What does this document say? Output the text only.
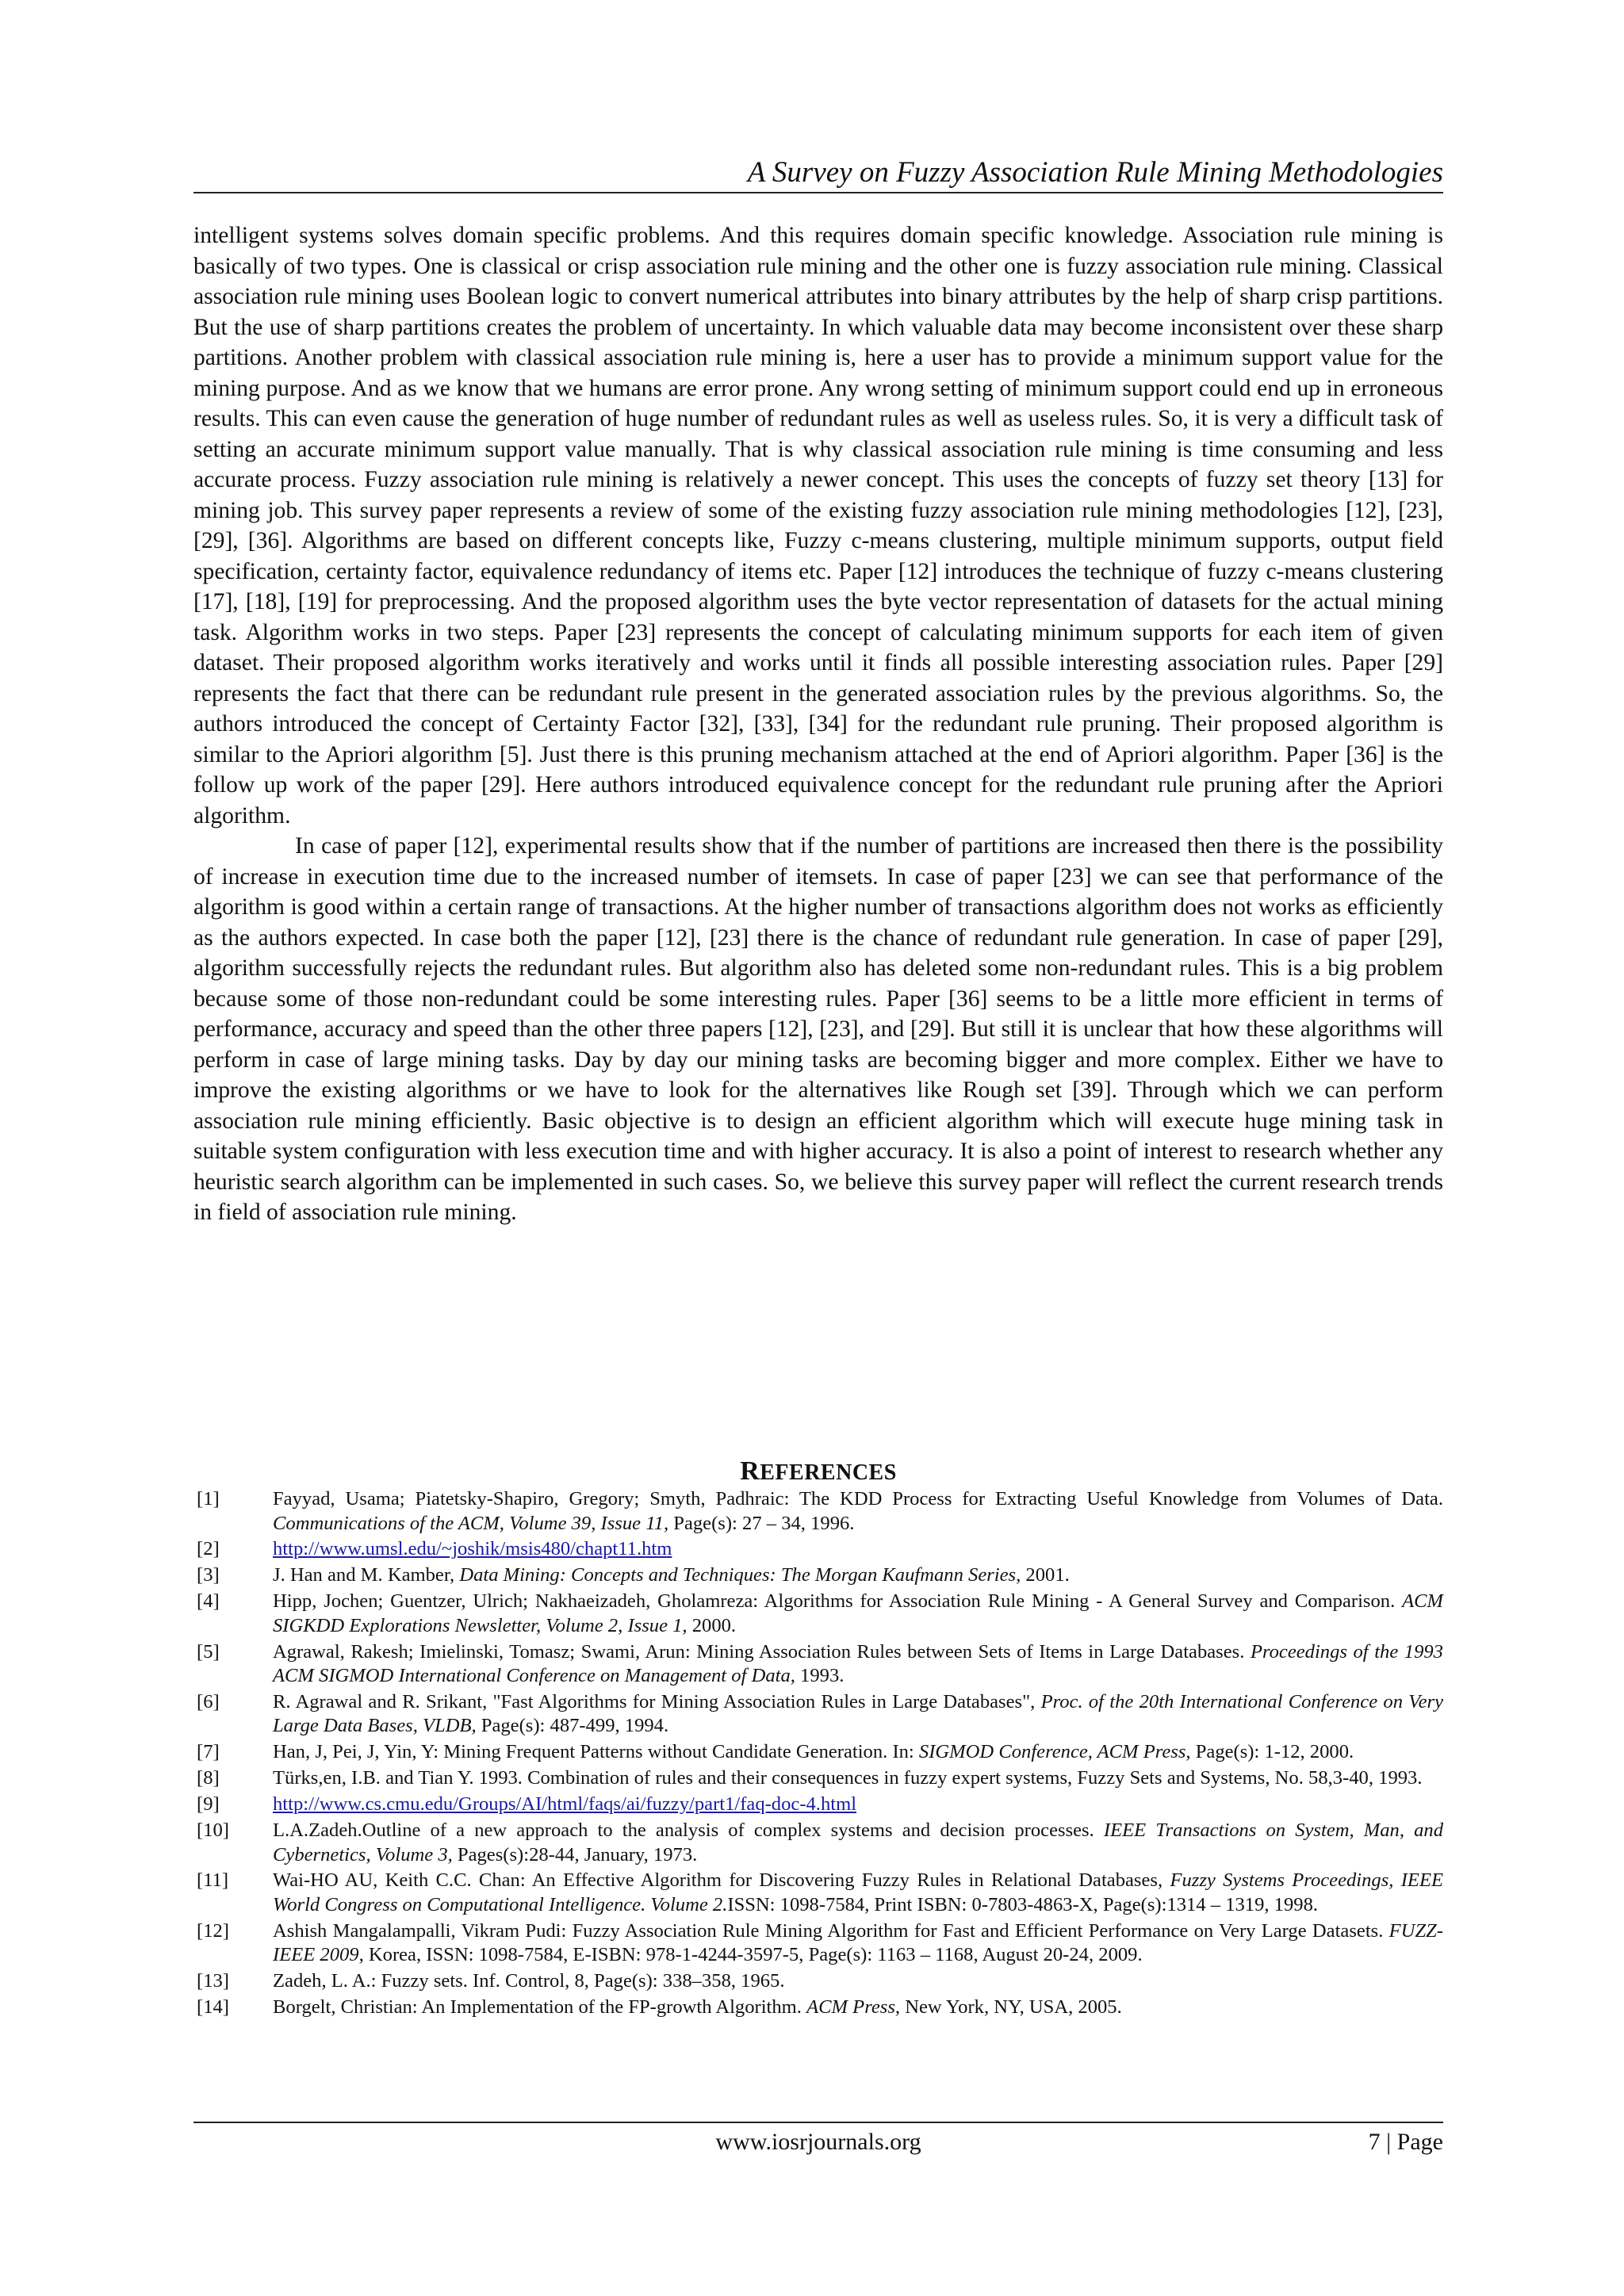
A Survey on Fuzzy Association Rule Mining Methodologies

intelligent systems solves domain specific problems. And this requires domain specific knowledge. Association rule mining is basically of two types. One is classical or crisp association rule mining and the other one is fuzzy association rule mining. Classical association rule mining uses Boolean logic to convert numerical attributes into binary attributes by the help of sharp crisp partitions. But the use of sharp partitions creates the problem of uncertainty. In which valuable data may become inconsistent over these sharp partitions. Another problem with classical association rule mining is, here a user has to provide a minimum support value for the mining purpose. And as we know that we humans are error prone. Any wrong setting of minimum support could end up in erroneous results. This can even cause the generation of huge number of redundant rules as well as useless rules. So, it is very a difficult task of setting an accurate minimum support value manually. That is why classical association rule mining is time consuming and less accurate process. Fuzzy association rule mining is relatively a newer concept. This uses the concepts of fuzzy set theory [13] for mining job. This survey paper represents a review of some of the existing fuzzy association rule mining methodologies [12], [23], [29], [36]. Algorithms are based on different concepts like, Fuzzy c-means clustering, multiple minimum supports, output field specification, certainty factor, equivalence redundancy of items etc. Paper [12] introduces the technique of fuzzy c-means clustering [17], [18], [19] for preprocessing. And the proposed algorithm uses the byte vector representation of datasets for the actual mining task. Algorithm works in two steps. Paper [23] represents the concept of calculating minimum supports for each item of given dataset. Their proposed algorithm works iteratively and works until it finds all possible interesting association rules. Paper [29] represents the fact that there can be redundant rule present in the generated association rules by the previous algorithms. So, the authors introduced the concept of Certainty Factor [32], [33], [34] for the redundant rule pruning. Their proposed algorithm is similar to the Apriori algorithm [5]. Just there is this pruning mechanism attached at the end of Apriori algorithm. Paper [36] is the follow up work of the paper [29]. Here authors introduced equivalence concept for the redundant rule pruning after the Apriori algorithm.

In case of paper [12], experimental results show that if the number of partitions are increased then there is the possibility of increase in execution time due to the increased number of itemsets. In case of paper [23] we can see that performance of the algorithm is good within a certain range of transactions. At the higher number of transactions algorithm does not works as efficiently as the authors expected. In case both the paper [12], [23] there is the chance of redundant rule generation. In case of paper [29], algorithm successfully rejects the redundant rules. But algorithm also has deleted some non-redundant rules. This is a big problem because some of those non-redundant could be some interesting rules. Paper [36] seems to be a little more efficient in terms of performance, accuracy and speed than the other three papers [12], [23], and [29]. But still it is unclear that how these algorithms will perform in case of large mining tasks. Day by day our mining tasks are becoming bigger and more complex. Either we have to improve the existing algorithms or we have to look for the alternatives like Rough set [39]. Through which we can perform association rule mining efficiently. Basic objective is to design an efficient algorithm which will execute huge mining task in suitable system configuration with less execution time and with higher accuracy. It is also a point of interest to research whether any heuristic search algorithm can be implemented in such cases. So, we believe this survey paper will reflect the current research trends in field of association rule mining.

REFERENCES
[1]	Fayyad, Usama; Piatetsky-Shapiro, Gregory; Smyth, Padhraic: The KDD Process for Extracting Useful Knowledge from Volumes of Data. Communications of the ACM, Volume 39, Issue 11, Page(s): 27 – 34, 1996.
[2]	http://www.umsl.edu/~joshik/msis480/chapt11.htm
[3]	J. Han and M. Kamber, Data Mining: Concepts and Techniques: The Morgan Kaufmann Series, 2001.
[4]	Hipp, Jochen; Guentzer, Ulrich; Nakhaeizadeh, Gholamreza: Algorithms for Association Rule Mining - A General Survey and Comparison. ACM SIGKDD Explorations Newsletter, Volume 2, Issue 1, 2000.
[5]	Agrawal, Rakesh; Imielinski, Tomasz; Swami, Arun: Mining Association Rules between Sets of Items in Large Databases. Proceedings of the 1993 ACM SIGMOD International Conference on Management of Data, 1993.
[6]	R. Agrawal and R. Srikant, "Fast Algorithms for Mining Association Rules in Large Databases", Proc. of the 20th International Conference on Very Large Data Bases, VLDB, Page(s): 487-499, 1994.
[7]	Han, J, Pei, J, Yin, Y: Mining Frequent Patterns without Candidate Generation. In: SIGMOD Conference, ACM Press, Page(s): 1-12, 2000.
[8]	Türks,en, I.B. and Tian Y. 1993. Combination of rules and their consequences in fuzzy expert systems, Fuzzy Sets and Systems, No. 58,3-40, 1993.
[9]	http://www.cs.cmu.edu/Groups/AI/html/faqs/ai/fuzzy/part1/faq-doc-4.html
[10]	L.A.Zadeh.Outline of a new approach to the analysis of complex systems and decision processes. IEEE Transactions on System, Man, and Cybernetics, Volume 3, Pages(s):28-44, January, 1973.
[11]	Wai-HO AU, Keith C.C. Chan: An Effective Algorithm for Discovering Fuzzy Rules in Relational Databases, Fuzzy Systems Proceedings, IEEE World Congress on Computational Intelligence. Volume 2.ISSN: 1098-7584, Print ISBN: 0-7803-4863-X, Page(s):1314 – 1319, 1998.
[12]	Ashish Mangalampalli, Vikram Pudi: Fuzzy Association Rule Mining Algorithm for Fast and Efficient Performance on Very Large Datasets. FUZZ-IEEE 2009, Korea, ISSN: 1098-7584, E-ISBN: 978-1-4244-3597-5, Page(s): 1163 – 1168, August 20-24, 2009.
[13]	Zadeh, L. A.: Fuzzy sets. Inf. Control, 8, Page(s): 338–358, 1965.
[14]	Borgelt, Christian: An Implementation of the FP-growth Algorithm. ACM Press, New York, NY, USA, 2005.
www.iosrjournals.org	7 | Page
